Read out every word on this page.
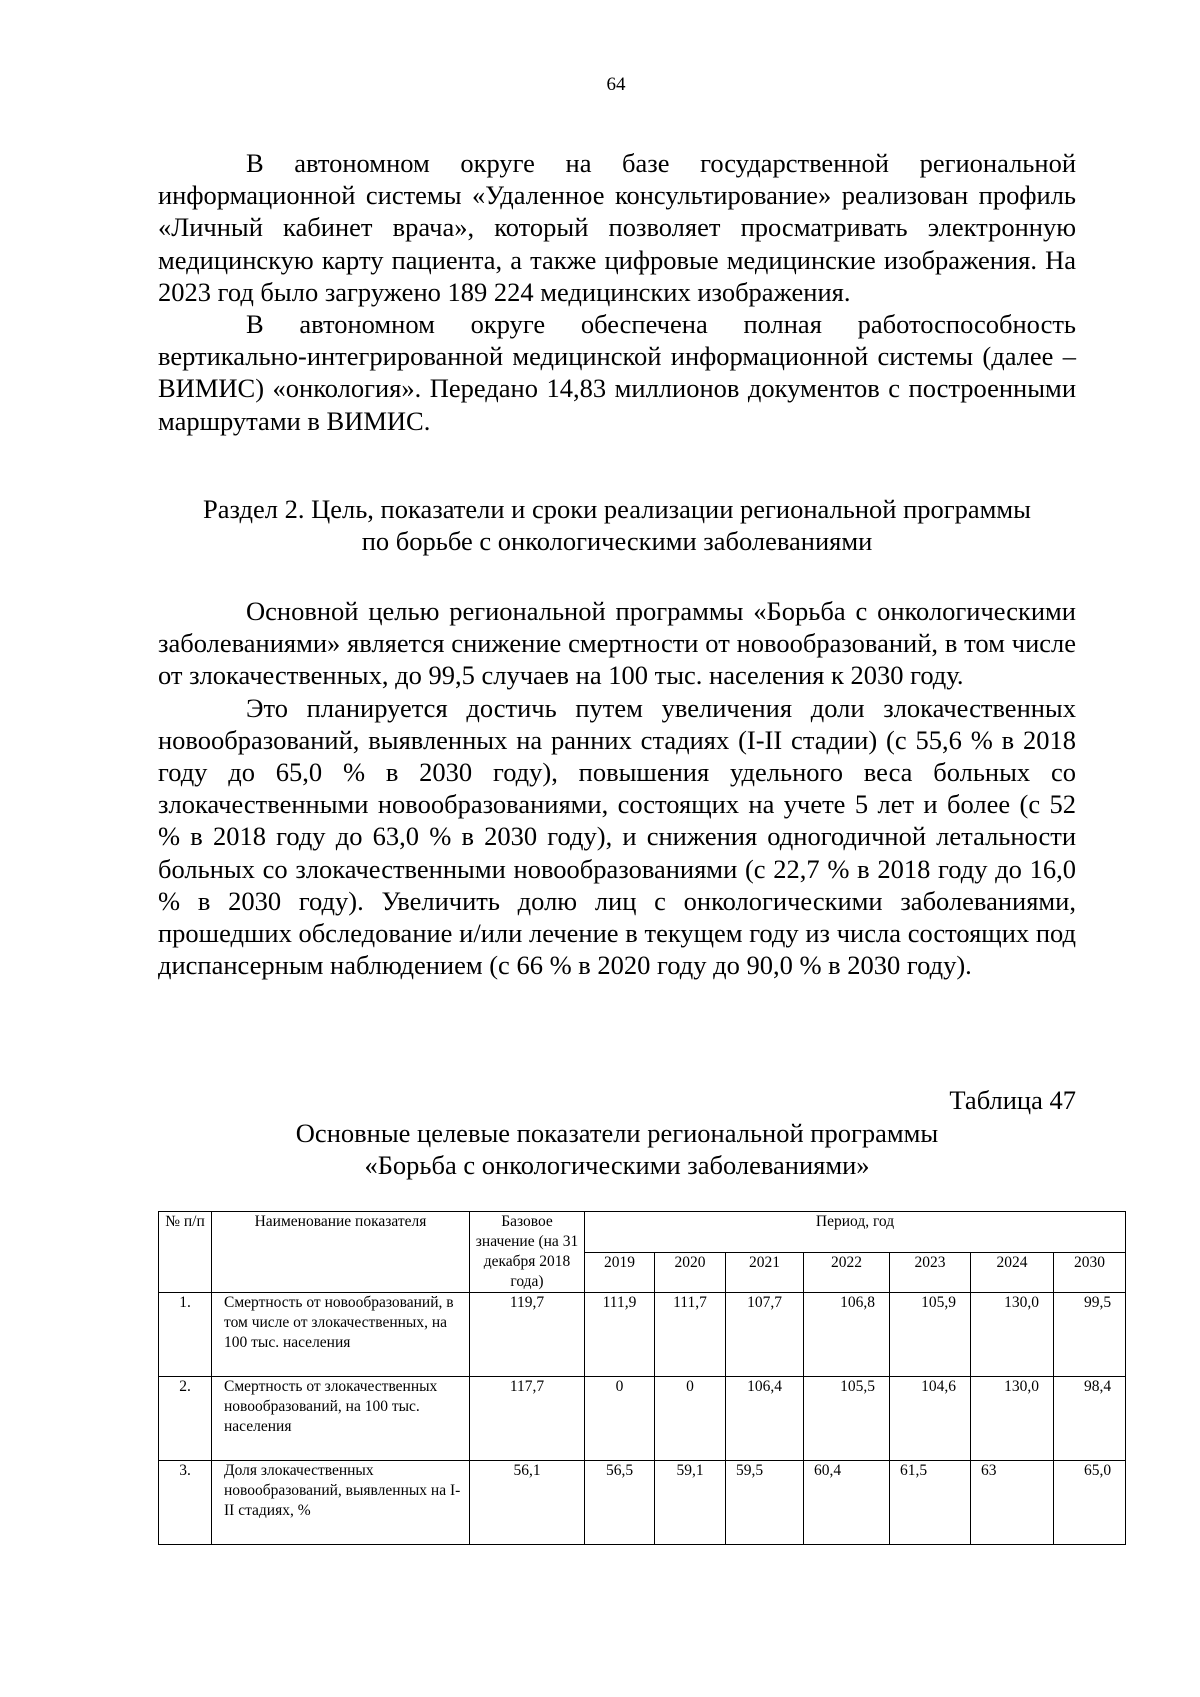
64

В автономном округе на базе государственной региональной информационной системы «Удаленное консультирование» реализован профиль «Личный кабинет врача», который позволяет просматривать электронную медицинскую карту пациента, а также цифровые медицинские изображения. На 2023 год было загружено 189 224 медицинских изображения.

В автономном округе обеспечена полная работоспособность вертикально-интегрированной медицинской информационной системы (далее – ВИМИС) «онкология». Передано 14,83 миллионов документов с построенными маршрутами в ВИМИС.

Раздел 2. Цель, показатели и сроки реализации региональной программы
по борьбе с онкологическими заболеваниями

Основной целью региональной программы «Борьба с онкологическими заболеваниями» является снижение смертности от новообразований, в том числе от злокачественных, до 99,5 случаев на 100 тыс. населения к 2030 году.

Это планируется достичь путем увеличения доли злокачественных новообразований, выявленных на ранних стадиях (I-II стадии) (с 55,6 % в 2018 году до 65,0 % в 2030 году), повышения удельного веса больных со злокачественными новообразованиями, состоящих на учете 5 лет и более (с 52 % в 2018 году до 63,0 % в 2030 году), и снижения одногодичной летальности больных со злокачественными новообразованиями (с 22,7 % в 2018 году до 16,0 % в 2030 году). Увеличить долю лиц с онкологическими заболеваниями, прошедших обследование и/или лечение в текущем году из числа состоящих под диспансерным наблюдением (с 66 % в 2020 году до 90,0 % в 2030 году).

Таблица 47
Основные целевые показатели региональной программы
«Борьба с онкологическими заболеваниями»
№ п/п	Наименование показателя	Базовое значение (на 31 декабря 2018 года)	Период, год						
			2019	2020	2021	2022	2023	2024	2030
1.	Смертность от новообразований, в том числе от злокачественных, на 100 тыс. населения	119,7	111,9	111,7	107,7	106,8	105,9	130,0	99,5
2.	Смертность от злокачественных новообразований, на 100 тыс. населения	117,7	0	0	106,4	105,5	104,6	130,0	98,4
3.	Доля злокачественных новообразований, выявленных на I-II стадиях, %	56,1	56,5	59,1	59,5	60,4	61,5	63	65,0
